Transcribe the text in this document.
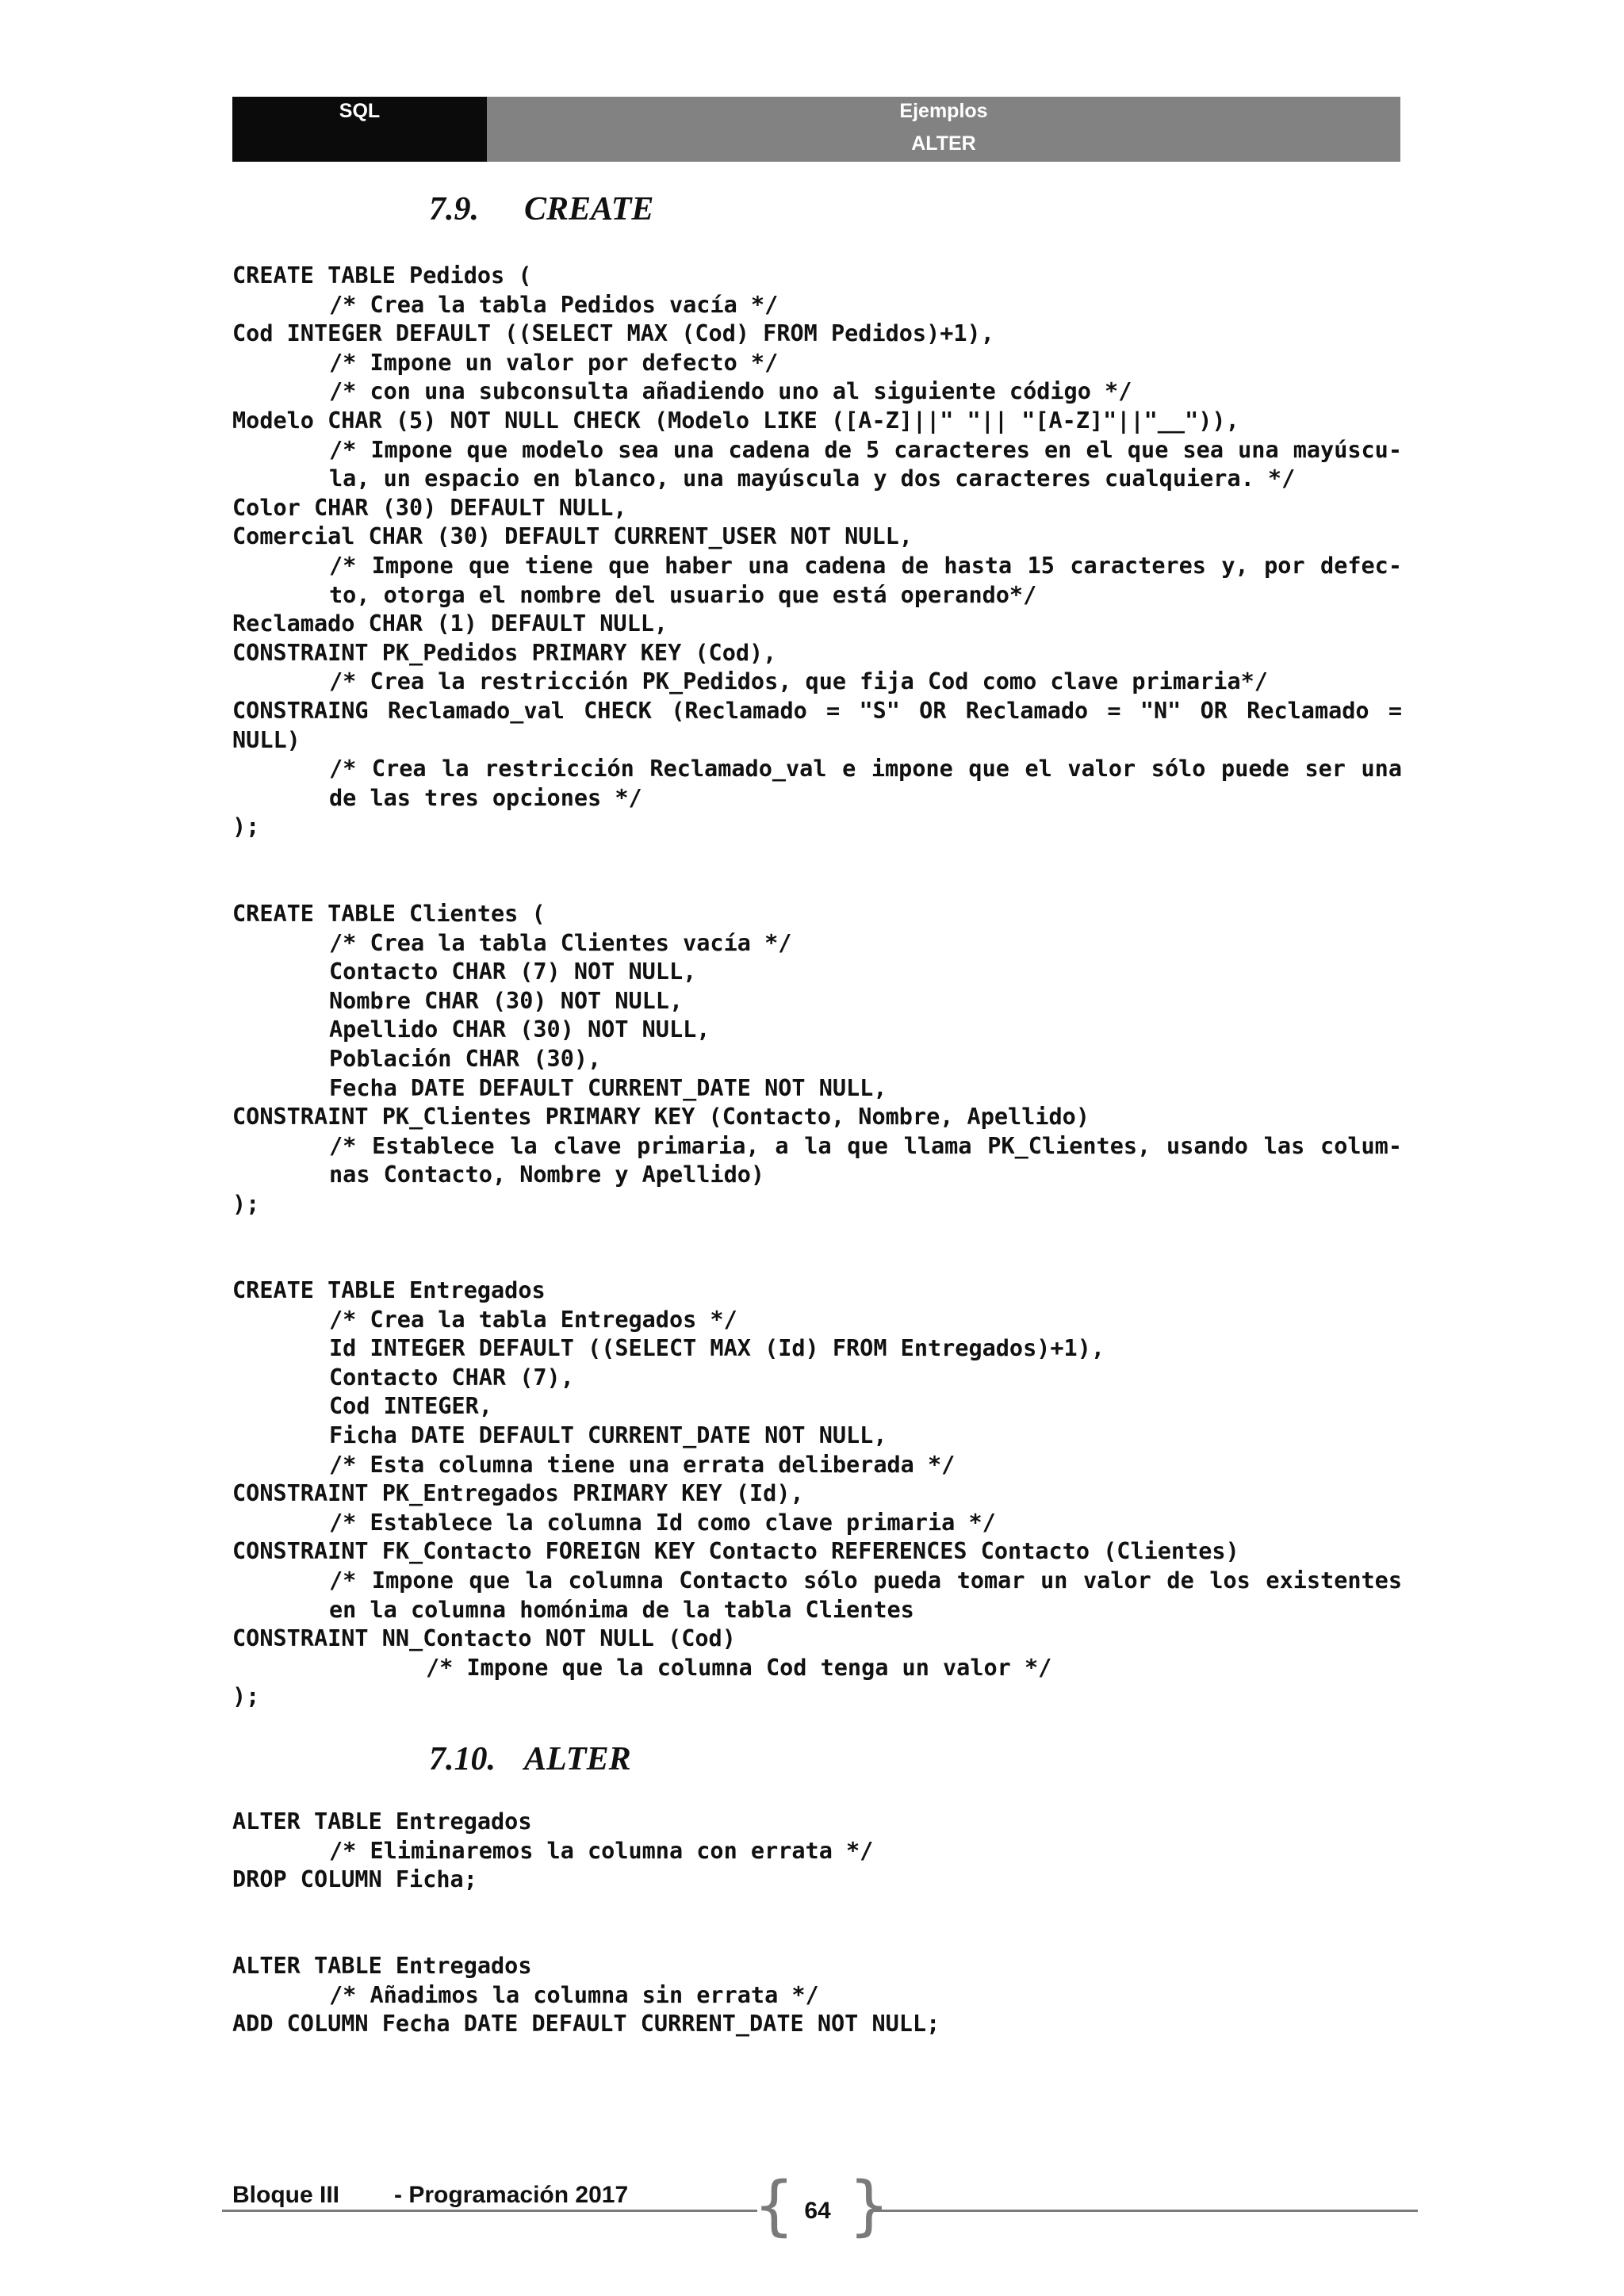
SQL	Ejemplos
ALTER
7.9. CREATE
CREATE TABLE Pedidos (
/* Crea la tabla Pedidos vacía */
Cod INTEGER DEFAULT ((SELECT MAX (Cod) FROM Pedidos)+1),
/* Impone un valor por defecto */
/* con una subconsulta añadiendo uno al siguiente código */
Modelo CHAR (5) NOT NULL CHECK (Modelo LIKE ([A-Z]||" "|| "[A-Z]"||"__")),
/* Impone que modelo sea una cadena de 5 caracteres en el que sea una mayúscu-
la, un espacio en blanco, una mayúscula y dos caracteres cualquiera. */
Color CHAR (30) DEFAULT NULL,
Comercial CHAR (30) DEFAULT CURRENT_USER NOT NULL,
/* Impone que tiene que haber una cadena de hasta 15 caracteres y, por defec-
to, otorga el nombre del usuario que está operando*/
Reclamado CHAR (1) DEFAULT NULL,
CONSTRAINT PK_Pedidos PRIMARY KEY (Cod),
/* Crea la restricción PK_Pedidos, que fija Cod como clave primaria*/
CONSTRAING Reclamado_val CHECK (Reclamado = "S" OR Reclamado = "N" OR Reclamado =
NULL)
/* Crea la restricción Reclamado_val e impone que el valor sólo puede ser una
de las tres opciones */
);
CREATE TABLE Clientes (
/* Crea la tabla Clientes vacía */
Contacto CHAR (7) NOT NULL,
Nombre CHAR (30) NOT NULL,
Apellido CHAR (30) NOT NULL,
Población CHAR (30),
Fecha DATE DEFAULT CURRENT_DATE NOT NULL,
CONSTRAINT PK_Clientes PRIMARY KEY (Contacto, Nombre, Apellido)
/* Establece la clave primaria, a la que llama PK_Clientes, usando las colum-
nas Contacto, Nombre y Apellido)
);
CREATE TABLE Entregados
/* Crea la tabla Entregados */
Id INTEGER DEFAULT ((SELECT MAX (Id) FROM Entregados)+1),
Contacto CHAR (7),
Cod INTEGER,
Ficha DATE DEFAULT CURRENT_DATE NOT NULL,
/* Esta columna tiene una errata deliberada */
CONSTRAINT PK_Entregados PRIMARY KEY (Id),
/* Establece la columna Id como clave primaria */
CONSTRAINT FK_Contacto FOREIGN KEY Contacto REFERENCES Contacto (Clientes)
/* Impone que la columna Contacto sólo pueda tomar un valor de los existentes
en la columna homónima de la tabla Clientes
CONSTRAINT NN_Contacto NOT NULL (Cod)
/* Impone que la columna Cod tenga un valor */
);
7.10. ALTER
ALTER TABLE Entregados
/* Eliminaremos la columna con errata */
DROP COLUMN Ficha;
ALTER TABLE Entregados
/* Añadimos la columna sin errata */
ADD COLUMN Fecha DATE DEFAULT CURRENT_DATE NOT NULL;
Bloque III - Programación 2017 { }
64
